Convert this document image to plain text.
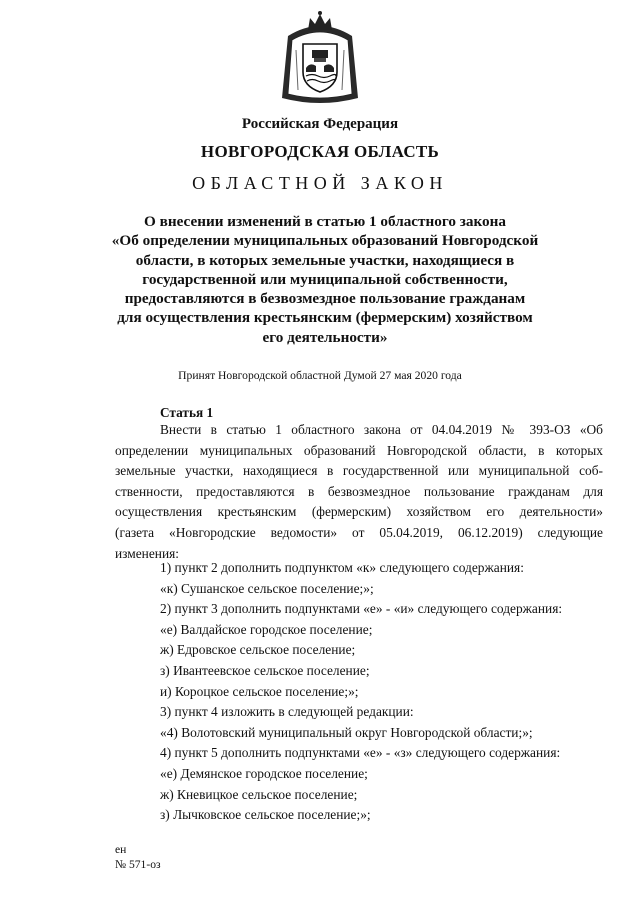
Российская Федерация
НОВГОРОДСКАЯ ОБЛАСТЬ
ОБЛАСТНОЙ ЗАКОН
О внесении изменений в статью 1 областного закона
«Об определении муниципальных образований Новгородской
области, в которых земельные участки, находящиеся в
государственной или муниципальной собственности,
предоставляются в безвозмездное пользование гражданам
для осуществления крестьянским (фермерским) хозяйством
его деятельности»
Принят Новгородской областной Думой 27 мая 2020 года
Статья 1
Внести в статью 1 областного закона от 04.04.2019 № 393-ОЗ «Об
определении муниципальных образований Новгородской области, в которых
земельные участки, находящиеся в государственной или муниципальной соб-
ственности, предоставляются в безвозмездное пользование гражданам для
осуществления крестьянским (фермерским) хозяйством его деятельности»
(газета «Новгородские ведомости» от 05.04.2019, 06.12.2019) следующие
изменения:
1) пункт 2 дополнить подпунктом «к» следующего содержания:
«к) Сушанское сельское поселение;»;
2) пункт 3 дополнить подпунктами «е» - «и» следующего содержания:
«е) Валдайское городское поселение;
ж) Едровское сельское поселение;
з) Ивантеевское сельское поселение;
и) Короцкое сельское поселение;»;
3) пункт 4 изложить в следующей редакции:
«4) Волотовский муниципальный округ Новгородской области;»;
4) пункт 5 дополнить подпунктами «е» - «з» следующего содержания:
«е) Демянское городское поселение;
ж) Кневицкое сельское поселение;
з) Лычковское сельское поселение;»;
ен
№ 571-оз
